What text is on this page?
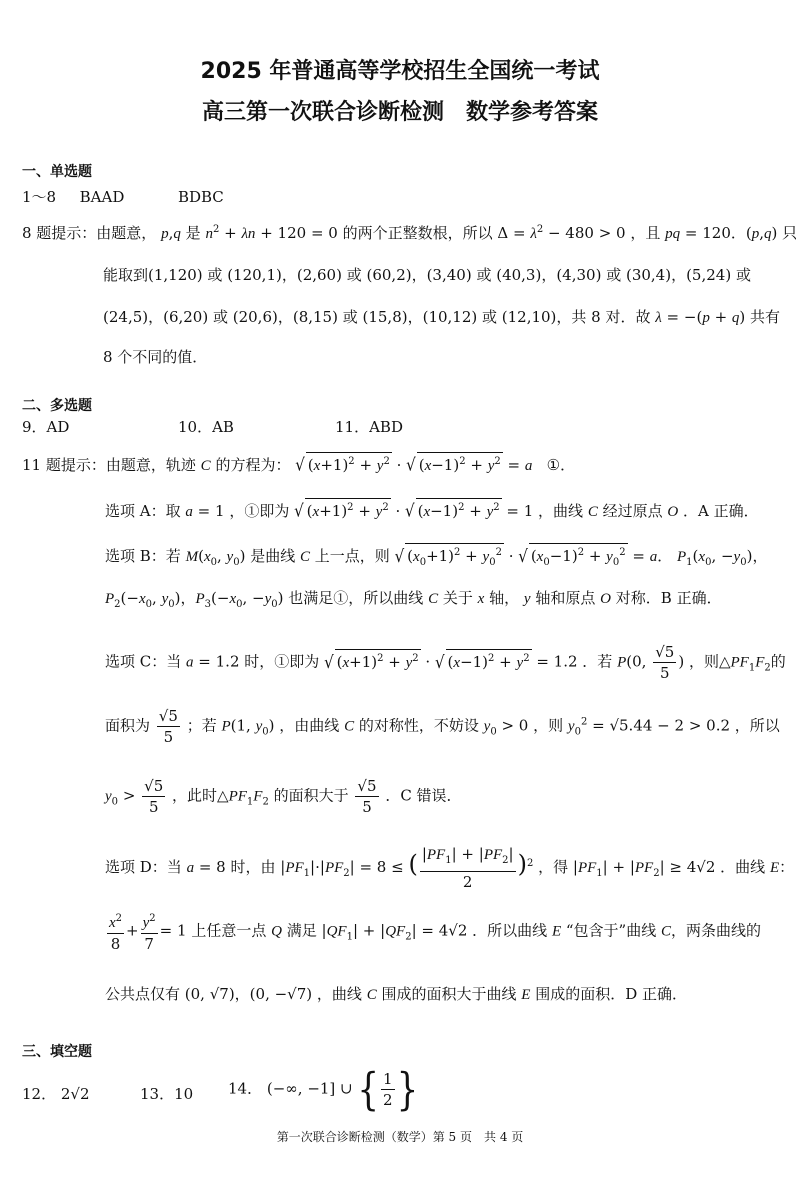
2025 年普通高等学校招生全国统一考试
高三第一次联合诊断检测 数学参考答案
一、单选题
1～8 BAAD	BDBC
8 题提示：由题意， p,q 是 $n^2 + \lambda n + 120 = 0$ 的两个正整数根，所以 $\Delta = \lambda^2 - 480 > 0$ ，且 pq = 120．(p,q) 只
能取到(1,120) 或 (120,1)，(2,60) 或 (60,2)，(3,40) 或 (40,3)，(4,30) 或 (30,4)，(5,24) 或
(24,5)，(6,20) 或 (20,6)，(8,15) 或 (15,8)，(10,12) 或 (12,10)，共 8 对．故 λ = −(p + q) 共有
8 个不同的值．
二、多选题
9．AD	10．AB	11．ABD
11 题提示：由题意，轨迹 C 的方程为： √ $(x+1)^2 + y^2$ · √ $(x-1)^2 + y^2 = a$ ①．
选项 A：取 a = 1 ，①即为 √ $(x+1)^2 + y^2$ · √ $(x-1)^2 + y^2 = 1$ ，曲线 C 经过原点 O ．A 正确．
选项 B：若 $M(x_0$, $y_0$) 是曲线 C 上一点，则 √ $(x_0+1)^2 + y_0^2$ · √ $(x_0-1)^2 + y_0^2 = a$． $P_1(x_0$, $-y_0$)，
$P_2(-x_0$, $y_0$)，$P_3(-x_0$, $-y_0$) 也满足①，所以曲线 C 关于 x 轴， y 轴和原点 O 对称．B 正确．
选项 C：当 a = 1.2 时，①即为 √ $(x+1)^2 + y^2$ · √ $(x-1)^2 + y^2 = 1.2$ ．若 P(0, $\frac{√5}{5}$ ) ，则$\triangle PF_1F_2$的
面积为 $\frac{√5}{5}$ ；若 P(1, $y_0$) ，由曲线 C 的对称性，不妨设 $y_0 > 0$ ，则 $y_0^2 = √5.44 - 2 > 0.2$ ，所以
$y_0 > \frac{√5}{5}$ ，此时$\triangle PF_1F_2$ 的面积大于 $\frac{√5}{5}$ ．C 错误．
选项 D：当 a = 8 时，由 $|PF_1|\cdot|PF_2| = 8$ ≤ ( $\frac{|PF_1| + |PF_2|}{2} )^2$ ，得 $|PF_1| + |PF_2| \ge 4√2$ ．曲线 E：
$\frac{x^2}{8} + \frac{y^2}{7} = 1$ 上任意一点 Q 满足 $|QF_1| + |QF_2| = 4√2$ ．所以曲线 E “包含于”曲线 C，两条曲线的
公共点仅有 (0, √7)，(0, −√7) ，曲线 C 围成的面积大于曲线 E 围成的面积．D 正确．
三、填空题
12． 2√2	13．10 14． (−∞, −1] ∪ { $\frac{1}{2}$ }
第一次联合诊断检测（数学）第 5 页　共 4 页
